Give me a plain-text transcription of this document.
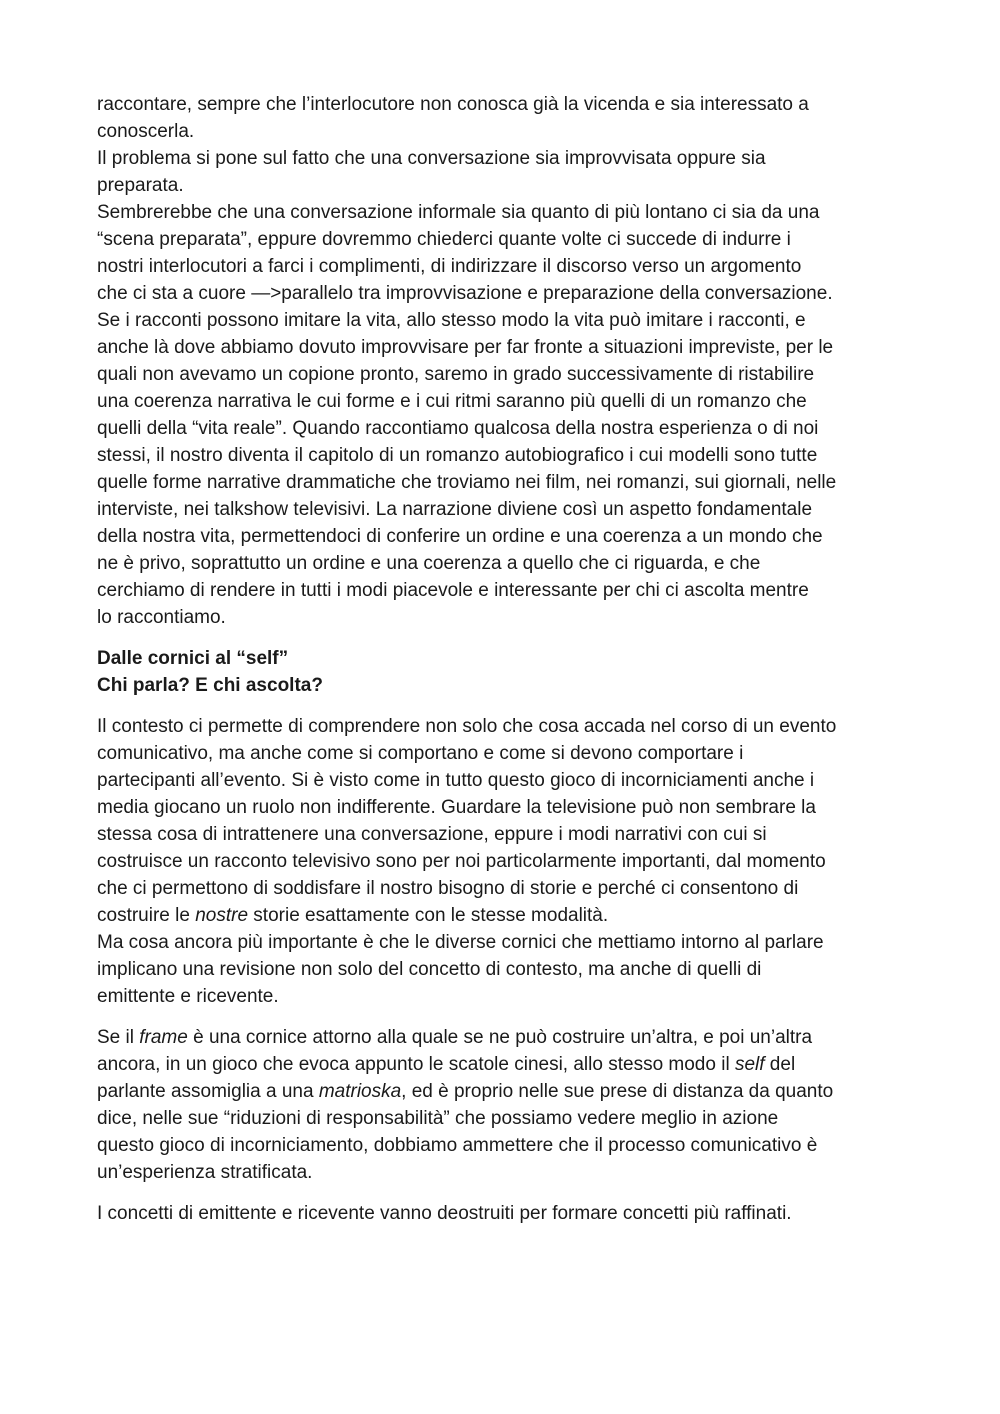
raccontare, sempre che l’interlocutore non conosca già la vicenda e sia interessato a
conoscerla.
Il problema si pone sul fatto che una conversazione sia improvvisata oppure sia
preparata.
Sembrerebbe che una conversazione informale sia quanto di più lontano ci sia da una
“scena preparata”, eppure dovremmo chiederci quante volte ci succede di indurre i
nostri interlocutori a farci i complimenti, di indirizzare il discorso verso un argomento
che ci sta a cuore —>parallelo tra improvvisazione e preparazione della conversazione.
Se i racconti possono imitare la vita, allo stesso modo la vita può imitare i racconti, e
anche là dove abbiamo dovuto improvvisare per far fronte a situazioni impreviste, per le
quali non avevamo un copione pronto, saremo in grado successivamente di ristabilire
una coerenza narrativa le cui forme e i cui ritmi saranno più quelli di un romanzo che
quelli della “vita reale”. Quando raccontiamo qualcosa della nostra esperienza o di noi
stessi, il nostro diventa il capitolo di un romanzo autobiografico i cui modelli sono tutte
quelle forme narrative drammatiche che troviamo nei film, nei romanzi, sui giornali, nelle
interviste, nei talkshow televisivi. La narrazione diviene così un aspetto fondamentale
della nostra vita, permettendoci di conferire un ordine e una coerenza a un mondo che
ne è privo, soprattutto un ordine e una coerenza a quello che ci riguarda, e che
cerchiamo di rendere in tutti i modi piacevole e interessante per chi ci ascolta mentre
lo raccontiamo.
Dalle cornici al “self”
Chi parla? E chi ascolta?
Il contesto ci permette di comprendere non solo che cosa accada nel corso di un evento
comunicativo, ma anche come si comportano e come si devono comportare i
partecipanti all’evento. Si è visto come in tutto questo gioco di incorniciamenti anche i
media giocano un ruolo non indifferente. Guardare la televisione può non sembrare la
stessa cosa di intrattenere una conversazione, eppure i modi narrativi con cui si
costruisce un racconto televisivo sono per noi particolarmente importanti, dal momento
che ci permettono di soddisfare il nostro bisogno di storie e perché ci consentono di
costruire le nostre storie esattamente con le stesse modalità.
Ma cosa ancora più importante è che le diverse cornici che mettiamo intorno al parlare
implicano una revisione non solo del concetto di contesto, ma anche di quelli di
emittente e ricevente.
Se il frame è una cornice attorno alla quale se ne può costruire un’altra, e poi un’altra
ancora, in un gioco che evoca appunto le scatole cinesi, allo stesso modo il self del
parlante assomiglia a una matrioska, ed è proprio nelle sue prese di distanza da quanto
dice, nelle sue “riduzioni di responsabilità” che possiamo vedere meglio in azione
questo gioco di incorniciamento, dobbiamo ammettere che il processo comunicativo è
un’esperienza stratificata.
I concetti di emittente e ricevente vanno deostruiti per formare concetti più raffinati.
